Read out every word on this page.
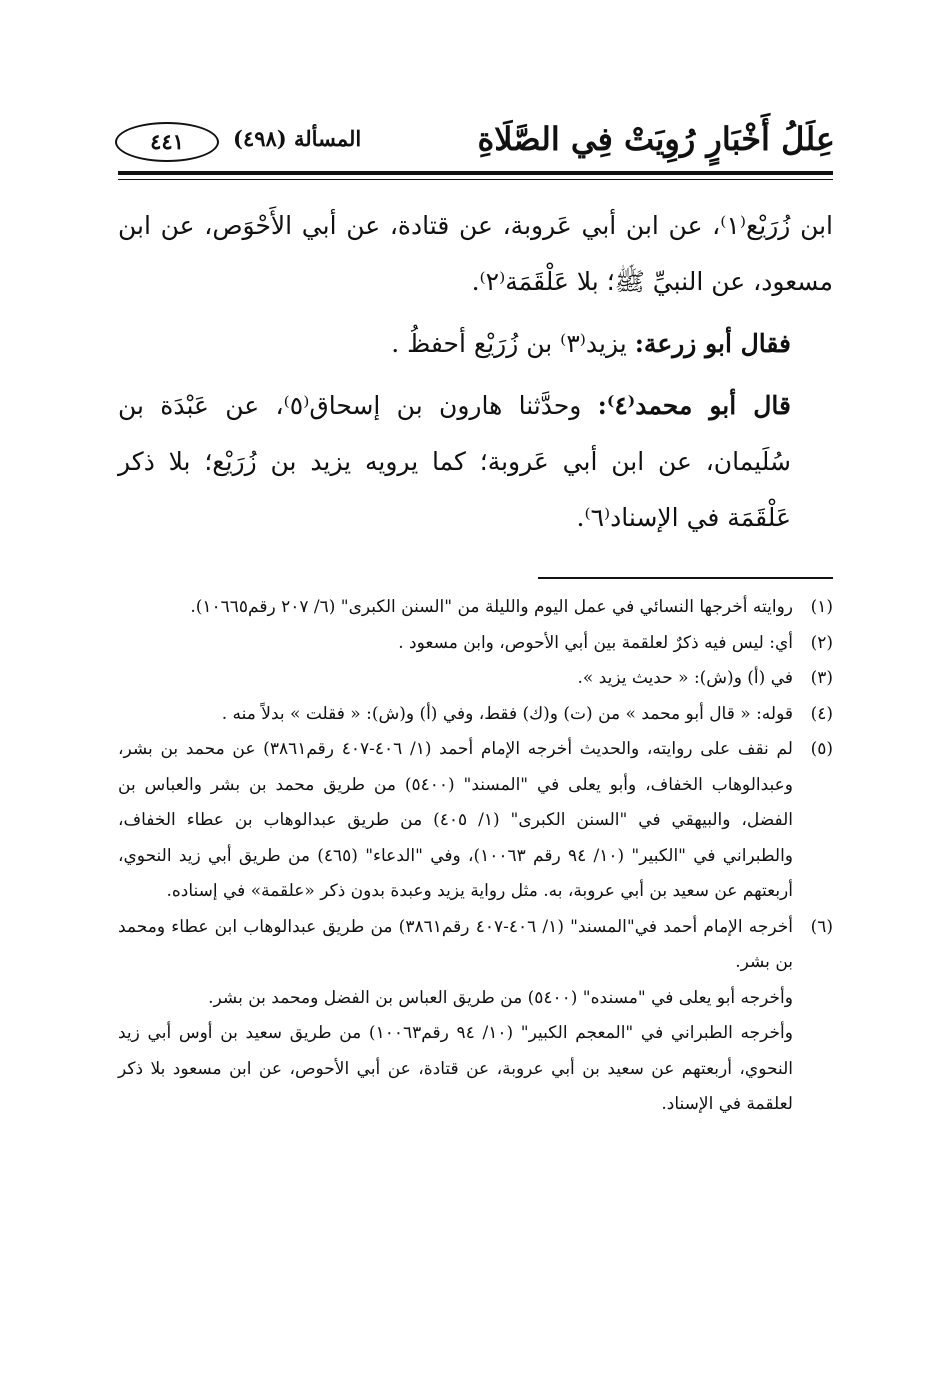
عِلَلُ أَخْبَارٍ رُوِيَتْ فِي الصَّلَاةِ
المسألة (٤٩٨)
٤٤١

ابن زُرَيْع⁽١⁾، عن ابن أبي عَروبة، عن قتادة، عن أبي الأَحْوَص، عن ابن مسعود، عن النبيِّ ﷺ؛ بلا عَلْقَمَة⁽٢⁾.

فقال أبو زرعة: يزيد⁽٣⁾ بن زُرَيْع أحفظُ .

قال أبو محمد⁽٤⁾: وحدَّثنا هارون بن إسحاق⁽٥⁾، عن عَبْدَة بن سُلَيمان، عن ابن أبي عَروبة؛ كما يرويه يزيد بن زُرَيْع؛ بلا ذكر عَلْقَمَة في الإسناد⁽٦⁾.

(١)
روايته أخرجها النسائي في عمل اليوم والليلة من "السنن الكبرى" (٦/ ٢٠٧ رقم١٠٦٦٥).
(٢)
أي: ليس فيه ذكرٌ لعلقمة بين أبي الأحوص، وابن مسعود .
(٣)
في (أ) و(ش): « حديث يزيد ».
(٤)
قوله: « قال أبو محمد » من (ت) و(ك) فقط، وفي (أ) و(ش): « فقلت » بدلاً منه .
(٥)
لم نقف على روايته، والحديث أخرجه الإمام أحمد (١/ ٤٠٦-٤٠٧ رقم٣٨٦١) عن محمد بن بشر، وعبدالوهاب الخفاف، وأبو يعلى في "المسند" (٥٤٠٠) من طريق محمد بن بشر والعباس بن الفضل، والبيهقي في "السنن الكبرى" (١/ ٤٠٥) من طريق عبدالوهاب بن عطاء الخفاف، والطبراني في "الكبير" (١٠/ ٩٤ رقم ١٠٠٦٣)، وفي "الدعاء" (٤٦٥) من طريق أبي زيد النحوي، أربعتهم عن سعيد بن أبي عروبة، به. مثل رواية يزيد وعبدة بدون ذكر «علقمة» في إسناده.
(٦)
أخرجه الإمام أحمد في"المسند" (١/ ٤٠٦-٤٠٧ رقم٣٨٦١) من طريق عبدالوهاب ابن عطاء ومحمد بن بشر.
وأخرجه أبو يعلى في "مسنده" (٥٤٠٠) من طريق العباس بن الفضل ومحمد بن بشر.
وأخرجه الطبراني في "المعجم الكبير" (١٠/ ٩٤ رقم١٠٠٦٣) من طريق سعيد بن أوس أبي زيد النحوي، أربعتهم عن سعيد بن أبي عروبة، عن قتادة، عن أبي الأحوص، عن ابن مسعود بلا ذكر لعلقمة في الإسناد.
